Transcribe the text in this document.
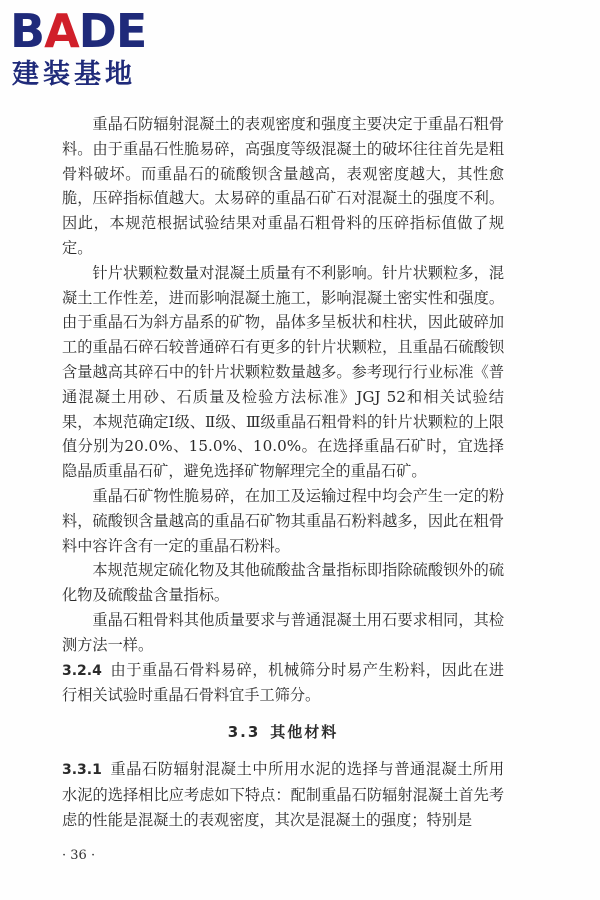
BADE
建装基地

重晶石防辐射混凝土的表观密度和强度主要决定于重晶石粗骨料。由于重晶石性脆易碎，高强度等级混凝土的破坏往往首先是粗骨料破坏。而重晶石的硫酸钡含量越高，表观密度越大，其性愈脆，压碎指标值越大。太易碎的重晶石矿石对混凝土的强度不利。因此，本规范根据试验结果对重晶石粗骨料的压碎指标值做了规定。

针片状颗粒数量对混凝土质量有不利影响。针片状颗粒多，混凝土工作性差，进而影响混凝土施工，影响混凝土密实性和强度。由于重晶石为斜方晶系的矿物，晶体多呈板状和柱状，因此破碎加工的重晶石碎石较普通碎石有更多的针片状颗粒，且重晶石硫酸钡含量越高其碎石中的针片状颗粒数量越多。参考现行行业标准《普通混凝土用砂、石质量及检验方法标准》JGJ 52和相关试验结果，本规范确定Ⅰ级、Ⅱ级、Ⅲ级重晶石粗骨料的针片状颗粒的上限值分别为20.0%、15.0%、10.0%。在选择重晶石矿时，宜选择隐晶质重晶石矿，避免选择矿物解理完全的重晶石矿。

重晶石矿物性脆易碎，在加工及运输过程中均会产生一定的粉料，硫酸钡含量越高的重晶石矿物其重晶石粉料越多，因此在粗骨料中容许含有一定的重晶石粉料。

本规范规定硫化物及其他硫酸盐含量指标即指除硫酸钡外的硫化物及硫酸盐含量指标。

重晶石粗骨料其他质量要求与普通混凝土用石要求相同，其检测方法一样。

3.2.4 由于重晶石骨料易碎，机械筛分时易产生粉料，因此在进行相关试验时重晶石骨料宜手工筛分。

3.3 其他材料

3.3.1 重晶石防辐射混凝土中所用水泥的选择与普通混凝土所用水泥的选择相比应考虑如下特点：配制重晶石防辐射混凝土首先考虑的性能是混凝土的表观密度，其次是混凝土的强度；特别是

· 36 ·
